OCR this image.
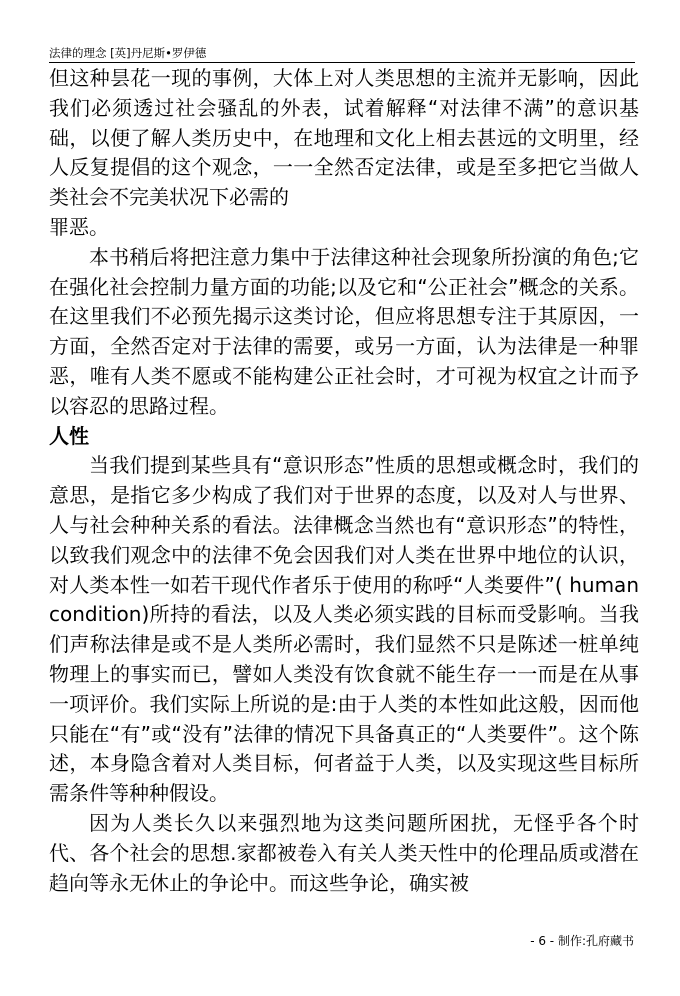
法律的理念 [英]丹尼斯•罗伊德

但这种昙花一现的事例，大体上对人类思想的主流并无影响，因此我们必须透过社会骚乱的外表，试着解释“对法律不满”的意识基础，以便了解人类历史中，在地理和文化上相去甚远的文明里，经人反复提倡的这个观念，一一全然否定法律，或是至多把它当做人类社会不完美状况下必需的

罪恶。

本书稍后将把注意力集中于法律这种社会现象所扮演的角色;它在强化社会控制力量方面的功能;以及它和“公正社会”概念的关系。在这里我们不必预先揭示这类讨论，但应将思想专注于其原因，一方面，全然否定对于法律的需要，或另一方面，认为法律是一种罪恶，唯有人类不愿或不能构建公正社会时，才可视为权宜之计而予以容忍的思路过程。

人性

当我们提到某些具有“意识形态”性质的思想或概念时，我们的意思，是指它多少构成了我们对于世界的态度，以及对人与世界、人与社会种种关系的看法。法律概念当然也有“意识形态”的特性，以致我们观念中的法律不免会因我们对人类在世界中地位的认识，对人类本性一如若干现代作者乐于使用的称呼“人类要件”( human condition)所持的看法，以及人类必须实践的目标而受影响。当我们声称法律是或不是人类所必需时，我们显然不只是陈述一桩单纯物理上的事实而已，譬如人类没有饮食就不能生存一一而是在从事一项评价。我们实际上所说的是:由于人类的本性如此这般，因而他只能在“有”或“没有”法律的情况下具备真正的“人类要件”。这个陈述，本身隐含着对人类目标，何者益于人类，以及实现这些目标所需条件等种种假设。

因为人类长久以来强烈地为这类问题所困扰，无怪乎各个时代、各个社会的思想.家都被卷入有关人类天性中的伦理品质或潜在趋向等永无休止的争论中。而这些争论，确实被

- 6 - 制作:孔府藏书
